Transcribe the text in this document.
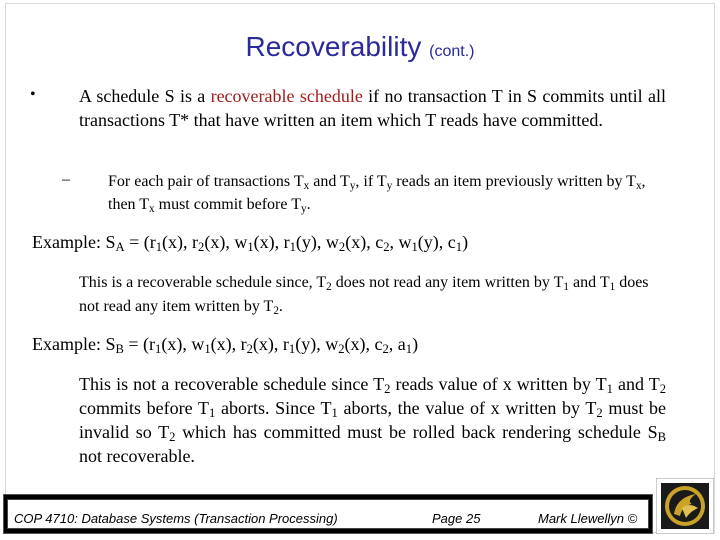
Recoverability (cont.)
• A schedule S is a recoverable schedule if no transaction T in S commits until all transactions T* that have written an item which T reads have committed.
– For each pair of transactions $T_x$ and $T_y$, if $T_y$ reads an item previously written by $T_x$, then $T_x$ must commit before $T_y$.
Example: $S_A = (r_1(x)$, $r_2(x)$, $w_1(x)$, $r_1(y)$, $w_2(x)$, $c_2$, $w_1(y)$, $c_1$)
This is a recoverable schedule since, $T_2$ does not read any item written by $T_1$ and $T_1$ does not read any item written by $T_2$.
Example: $S_B = (r_1(x)$, $w_1(x)$, $r_2(x)$, $r_1(y)$, $w_2(x)$, $c_2$, $a_1$)
This is not a recoverable schedule since $T_2$ reads value of x written by $T_1$ and $T_2$ commits before $T_1$ aborts. Since $T_1$ aborts, the value of x written by $T_2$ must be invalid so $T_2$ which has committed must be rolled back rendering schedule $S_B$ not recoverable.
COP 4710: Database Systems (Transaction Processing)	Page 25	Mark Llewellyn ©
